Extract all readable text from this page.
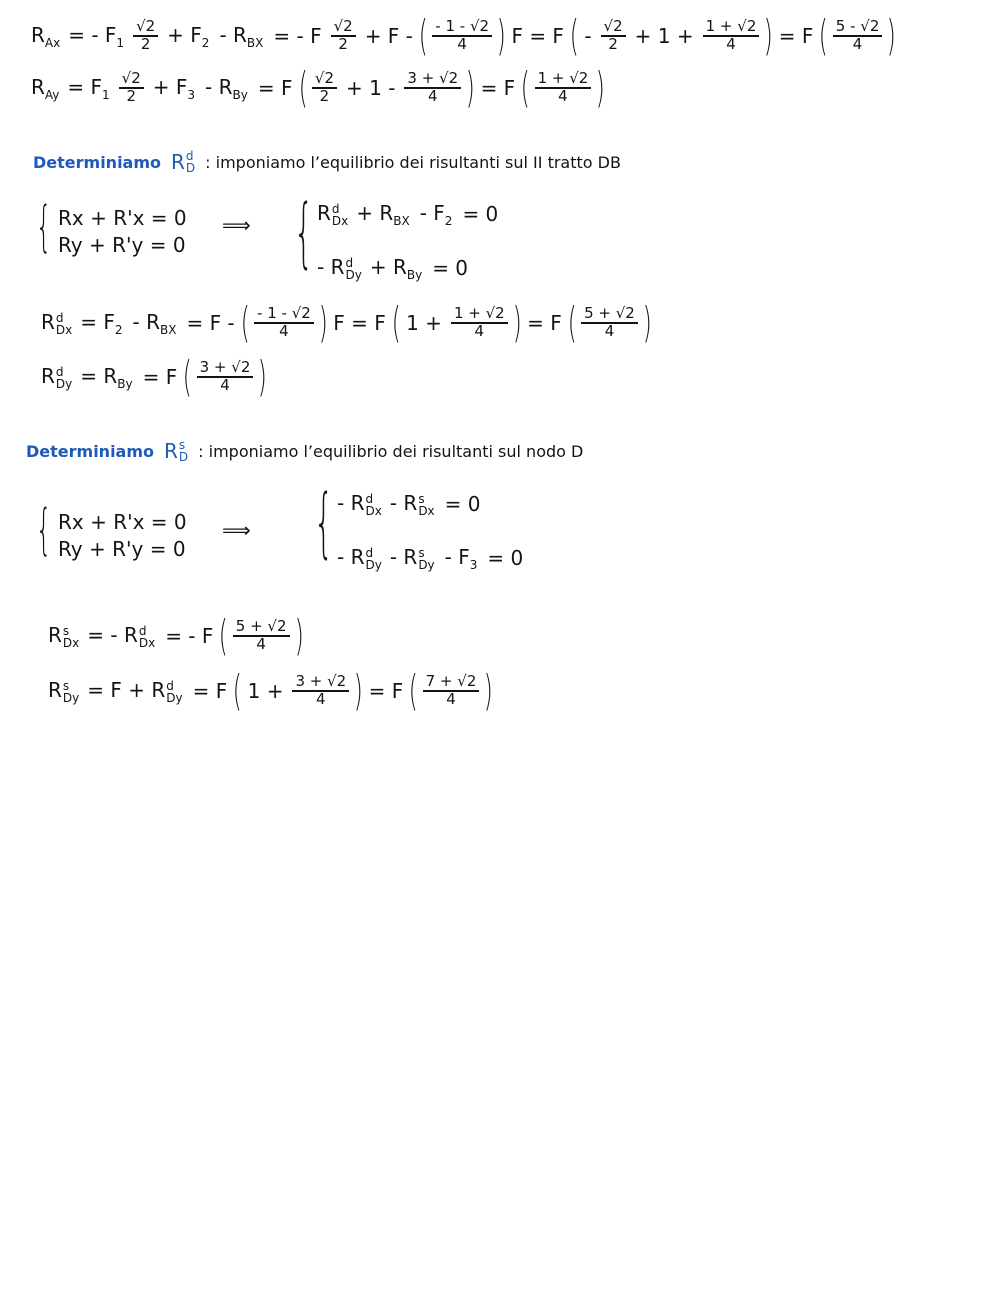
$R_{Ax}$ = - $F_1 \frac{√2}{2} + F_2 - R_{BX}$ = - F $\frac{√2}{2} + F$ - ( $\frac{- 1 - √2}{4}$ ) F = F ( - $\frac{√2}{2} + 1 + \frac{1 + √2}{4}$ ) = F ( $\frac{5 - √2}{4}$ )
$R_{Ay} = F_1 \frac{√2}{2} + F_3 - R_{By} = F$ ( $\frac{√2}{2} + 1 - \frac{3 + √2}{4}$ ) = F ( $\frac{1 + √2}{4}$ )
Determiniamo R d
D : imponiamo l’equilibrio dei risultanti sul II tratto DB
{ Rx + R'x = 0
Ry + R'y = 0
⟹ { R d
$Dx + R_{BX} - F_2 = 0$
- R d
$Dy + R_{By} = 0$
R d
$Dx = F_2 - R_{BX} = F$ - ( $\frac{- 1 - √2}{4}$ ) F = F ( $1 + \frac{1 + √2}{4}$ ) = F ( $\frac{5 + √2}{4}$ )
R d
$Dy = R_{By} = F$ ( $\frac{3 + √2}{4}$ )
Determiniamo R s
D : imponiamo l’equilibrio dei risultanti sul nodo D
{ Rx + R'x = 0
Ry + R'y = 0
⟹ { - R d
Dx - R s
Dx = 0
- R d
Dy - R s
$Dy - F_3 = 0$
R s
Dx = - R d
Dx = - F ( $\frac{5 + √2}{4}$ )
R s
Dy = F + R d
Dy = F ( $1 + \frac{3 + √2}{4}$ ) = F ( $\frac{7 + √2}{4}$ )
